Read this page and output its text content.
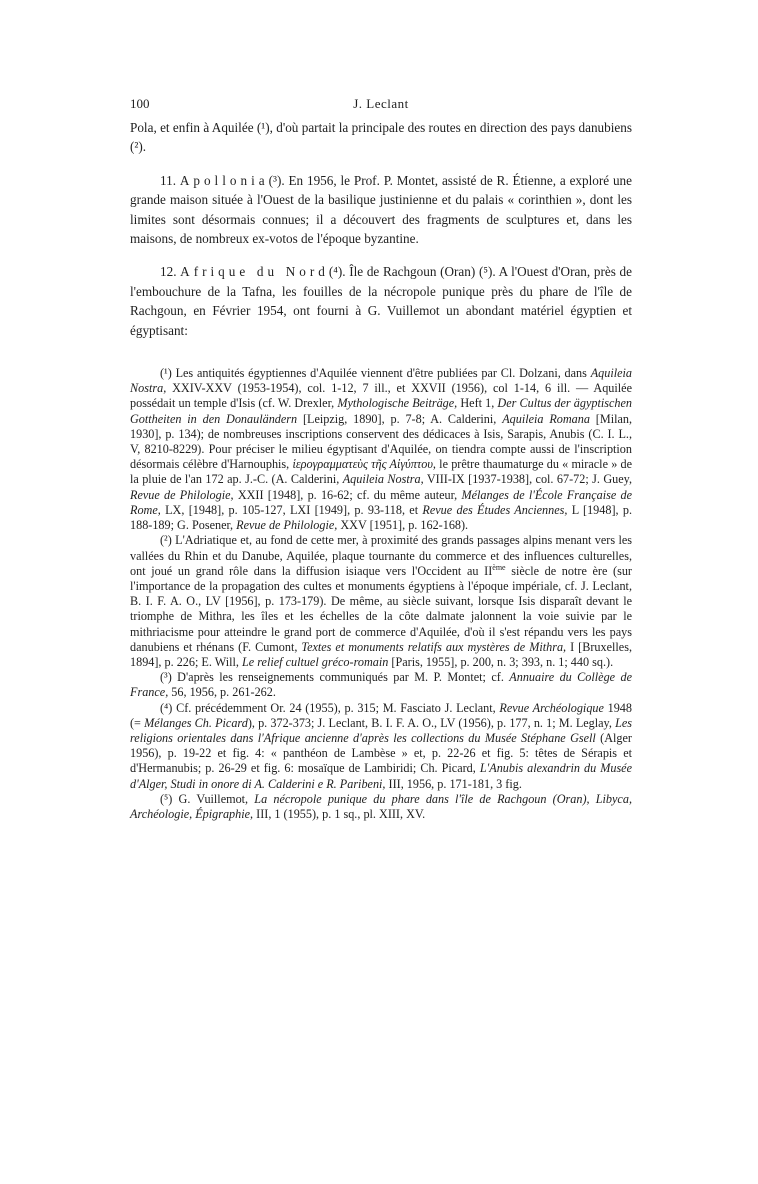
100	J. Leclant

Pola, et enfin à Aquilée (¹), d'où partait la principale des routes en direction des pays danubiens (²).

11. Apollonia(³). En 1956, le Prof. P. Montet, assisté de R. Étienne, a exploré une grande maison située à l'Ouest de la basilique justinienne et du palais « corinthien », dont les limites sont désormais connues; il a découvert des fragments de sculptures et, dans les maisons, de nombreux ex-votos de l'époque byzantine.

12. Afrique du Nord(⁴). Île de Rachgoun (Oran) (⁵). A l'Ouest d'Oran, près de l'embouchure de la Tafna, les fouilles de la nécropole punique près du phare de l'île de Rachgoun, en Février 1954, ont fourni à G. Vuillemot un abondant matériel égyptien et égyptisant:

(¹) Les antiquités égyptiennes d'Aquilée viennent d'être publiées par Cl. Dolzani, dans Aquileia Nostra, XXIV-XXV (1953-1954), col. 1-12, 7 ill., et XXVII (1956), col 1-14, 6 ill. — Aquilée possédait un temple d'Isis (cf. W. Drexler, Mythologische Beiträge, Heft 1, Der Cultus der ägyptischen Gottheiten in den Donauländern [Leipzig, 1890], p. 7-8; A. Calderini, Aquileia Romana [Milan, 1930], p. 134); de nombreuses inscriptions conservent des dédicaces à Isis, Sarapis, Anubis (C. I. L., V, 8210-8229). Pour préciser le milieu égyptisant d'Aquilée, on tiendra compte aussi de l'inscription désormais célèbre d'Harnouphis, ἱερογραμματεὺς τῆς Αἰγύπτου, le prêtre thaumaturge du « miracle » de la pluie de l'an 172 ap. J.-C. (A. Calderini, Aquileia Nostra, VIII-IX [1937-1938], col. 67-72; J. Guey, Revue de Philologie, XXII [1948], p. 16-62; cf. du même auteur, Mélanges de l'École Française de Rome, LX, [1948], p. 105-127, LXI [1949], p. 93-118, et Revue des Études Anciennes, L [1948], p. 188-189; G. Posener, Revue de Philologie, XXV [1951], p. 162-168).

(²) L'Adriatique et, au fond de cette mer, à proximité des grands passages alpins menant vers les vallées du Rhin et du Danube, Aquilée, plaque tournante du commerce et des influences culturelles, ont joué un grand rôle dans la diffusion isiaque vers l'Occident au IIème siècle de notre ère (sur l'importance de la propagation des cultes et monuments égyptiens à l'époque impériale, cf. J. Leclant, B. I. F. A. O., LV [1956], p. 173-179). De même, au siècle suivant, lorsque Isis disparaît devant le triomphe de Mithra, les îles et les échelles de la côte dalmate jalonnent la voie suivie par le mithriacisme pour atteindre le grand port de commerce d'Aquilée, d'où il s'est répandu vers les pays danubiens et rhénans (F. Cumont, Textes et monuments relatifs aux mystères de Mithra, I [Bruxelles, 1894], p. 226; E. Will, Le relief cultuel gréco-romain [Paris, 1955], p. 200, n. 3; 393, n. 1; 440 sq.).

(³) D'après les renseignements communiqués par M. P. Montet; cf. Annuaire du Collège de France, 56, 1956, p. 261-262.

(⁴) Cf. précédemment Or. 24 (1955), p. 315; M. Fasciato J. Leclant, Revue Archéologique 1948 (= Mélanges Ch. Picard), p. 372-373; J. Leclant, B. I. F. A. O., LV (1956), p. 177, n. 1; M. Leglay, Les religions orientales dans l'Afrique ancienne d'après les collections du Musée Stéphane Gsell (Alger 1956), p. 19-22 et fig. 4: « panthéon de Lambèse » et, p. 22-26 et fig. 5: têtes de Sérapis et d'Hermanubis; p. 26-29 et fig. 6: mosaïque de Lambiridi; Ch. Picard, L'Anubis alexandrin du Musée d'Alger, Studi in onore di A. Calderini e R. Paribeni, III, 1956, p. 171-181, 3 fig.

(⁵) G. Vuillemot, La nécropole punique du phare dans l'île de Rachgoun (Oran), Libyca, Archéologie, Épigraphie, III, 1 (1955), p. 1 sq., pl. XIII, XV.
